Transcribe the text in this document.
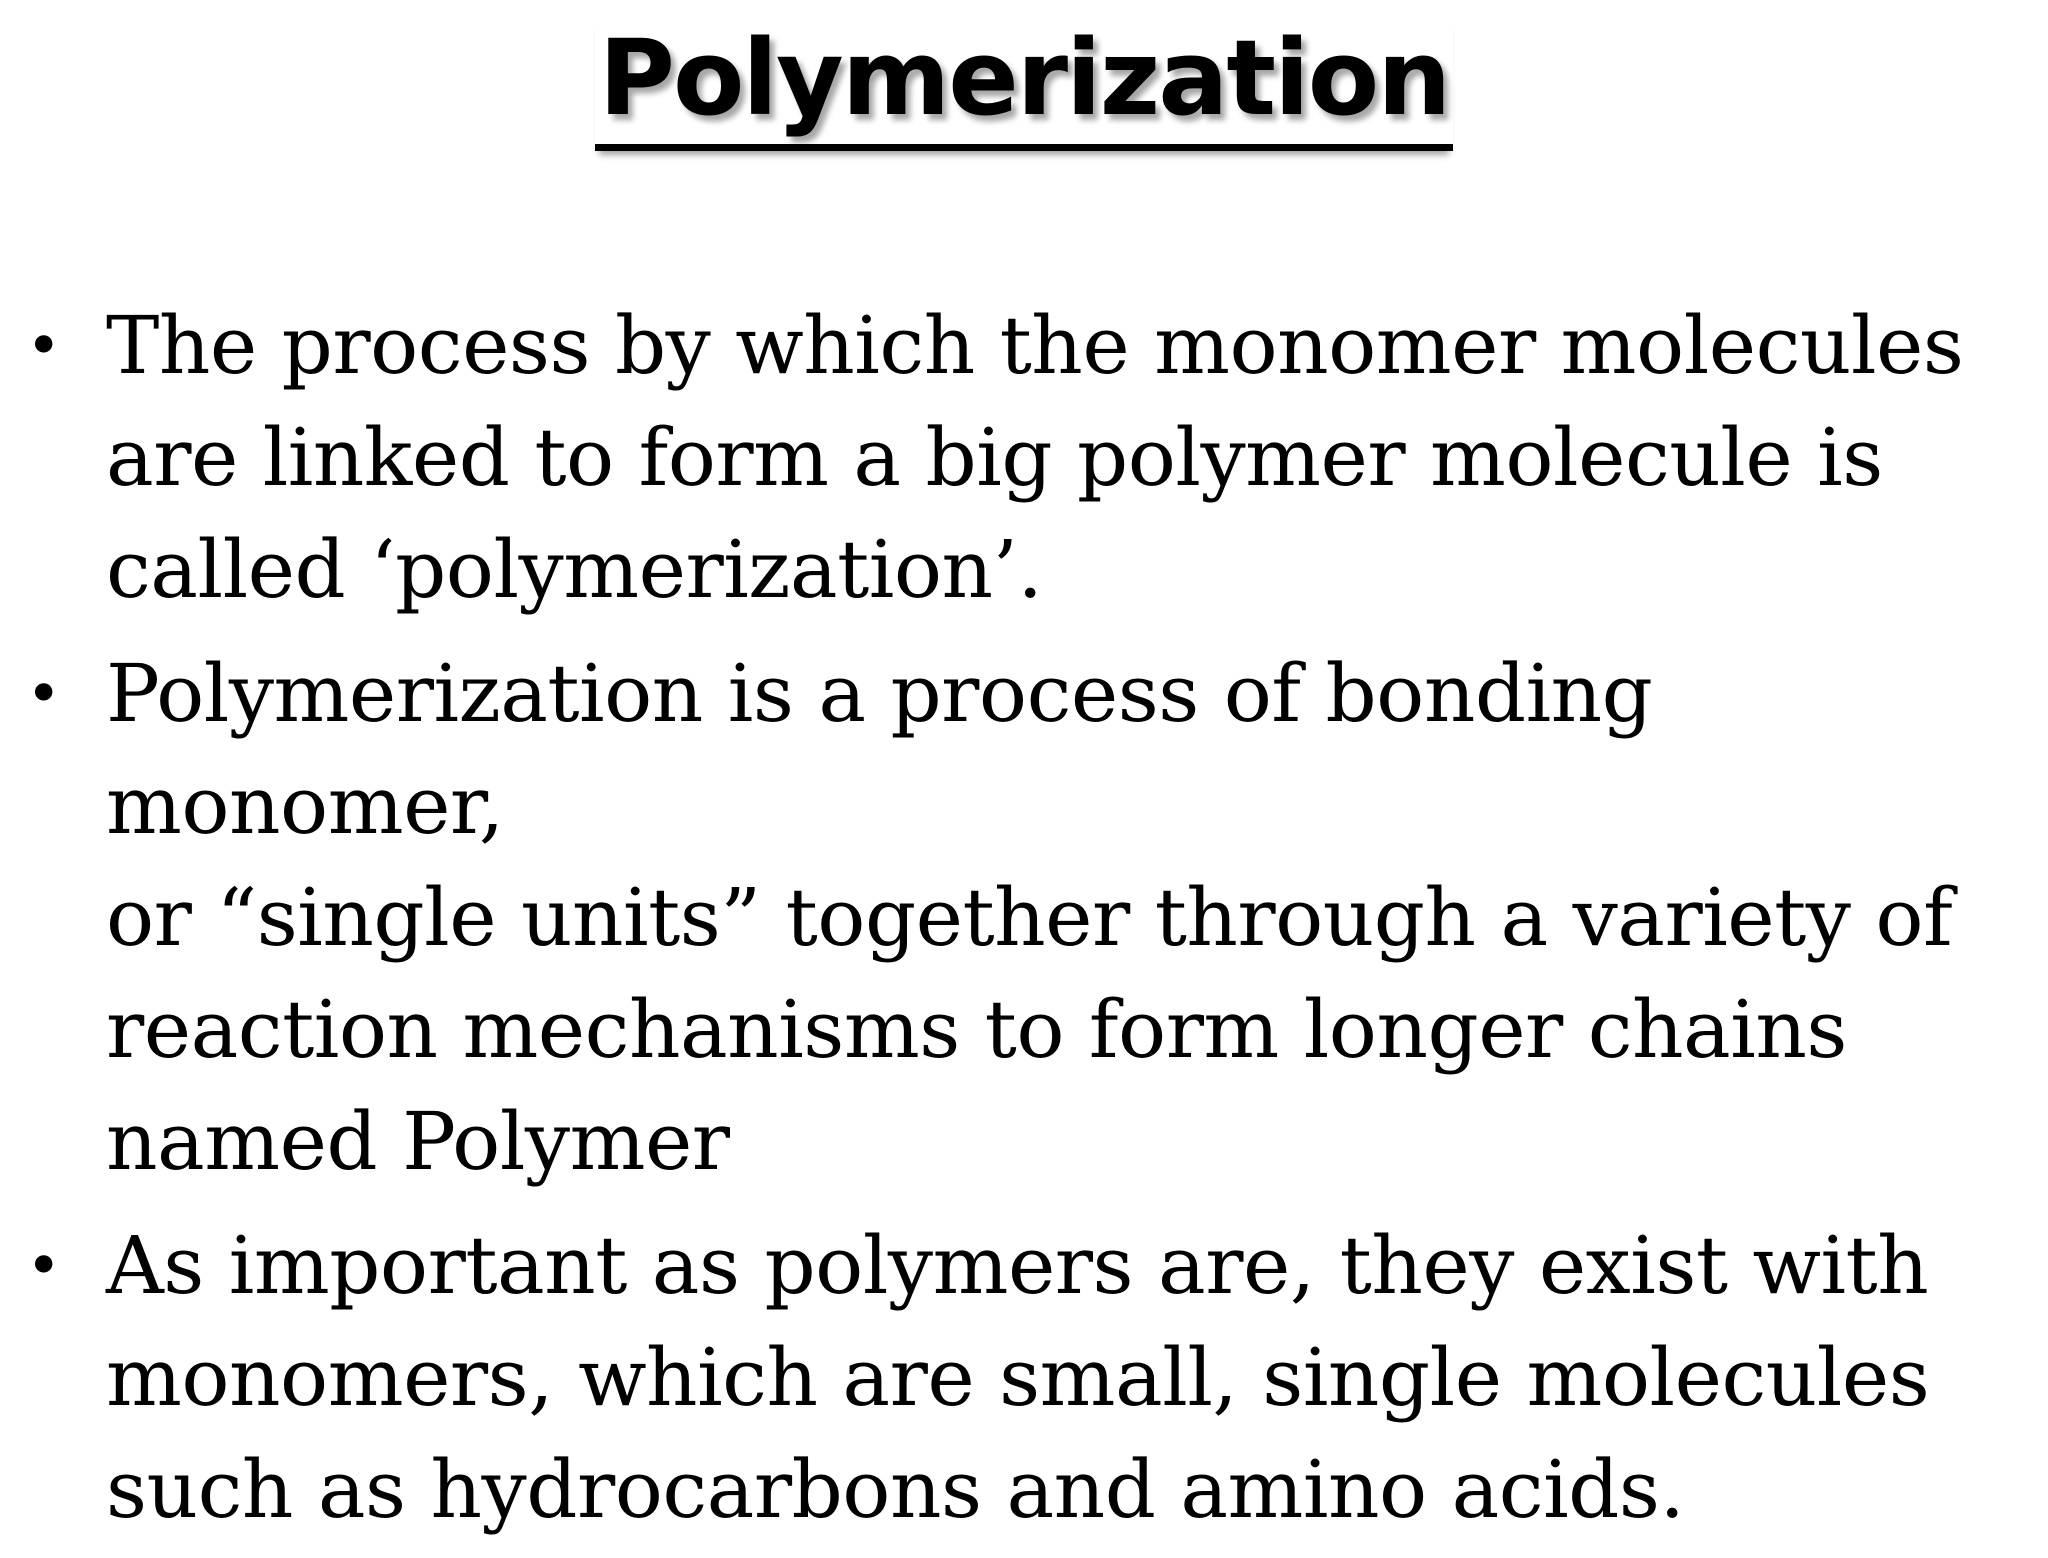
Polymerization
• The process by which the monomer molecules
are linked to form a big polymer molecule is
called ‘polymerization’.
• Polymerization is a process of bonding monomer,
or “single units” together through a variety of
reaction mechanisms to form longer chains
named Polymer
• As important as polymers are, they exist with
monomers, which are small, single molecules
such as hydrocarbons and amino acids.
